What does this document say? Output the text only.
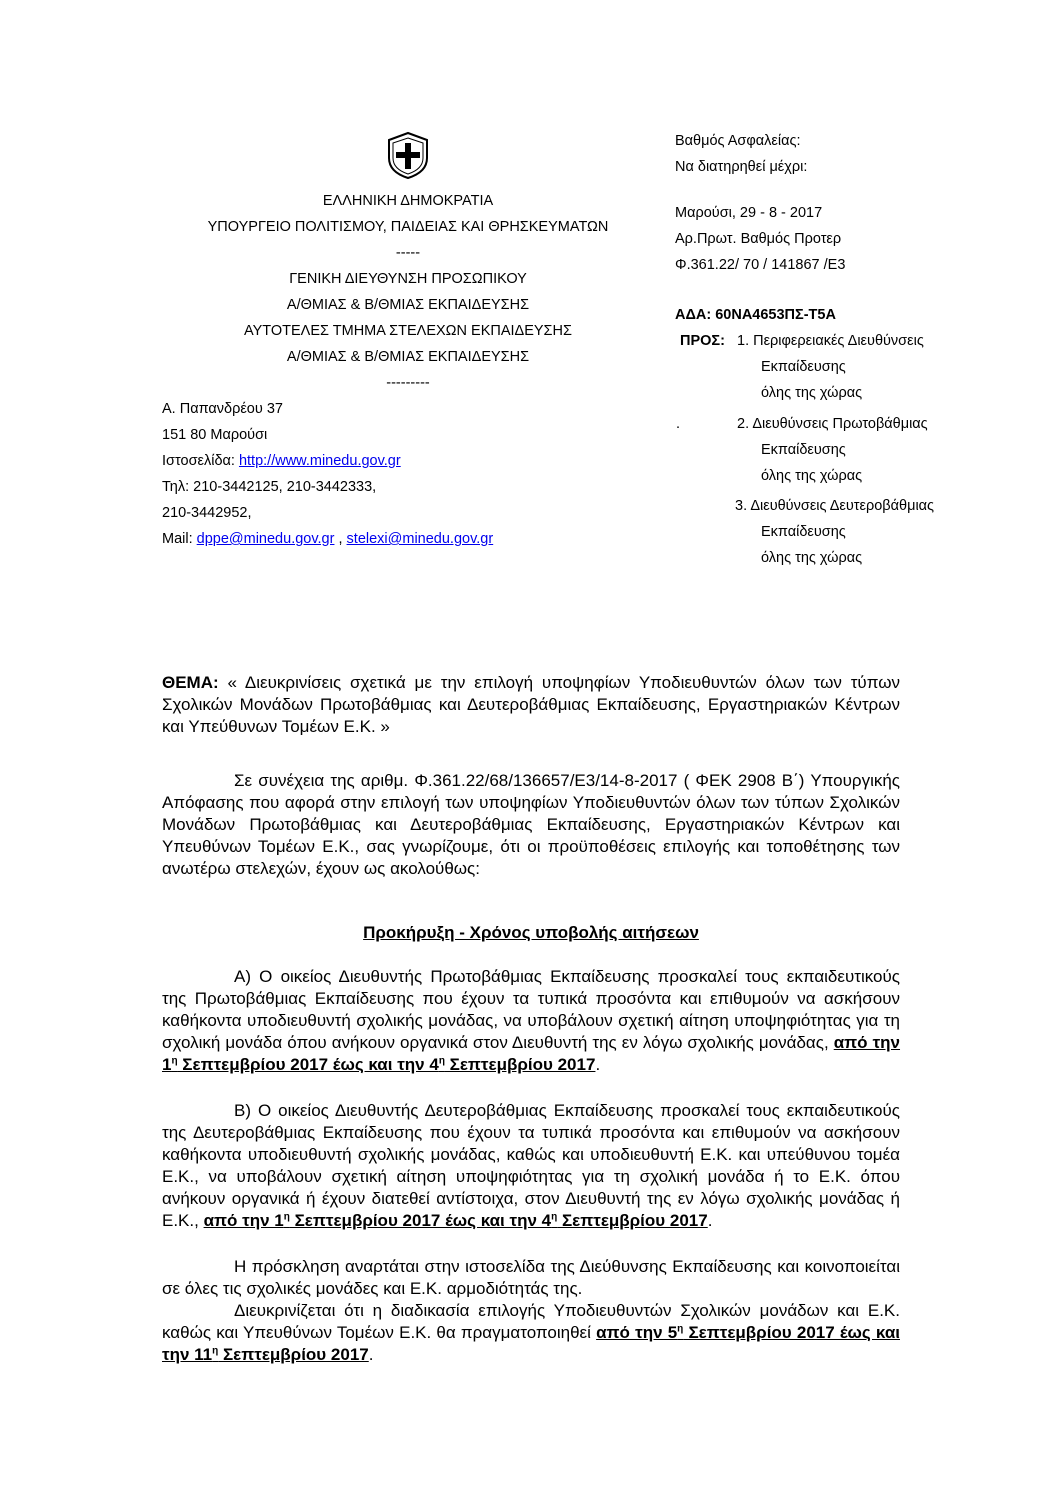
ΕΛΛΗΝΙΚΗ ΔΗΜΟΚΡΑΤΙΑ
ΥΠΟΥΡΓΕΙΟ ΠΟΛΙΤΙΣΜΟΥ, ΠΑΙΔΕΙΑΣ ΚΑΙ ΘΡΗΣΚΕΥΜΑΤΩΝ
-----
ΓΕΝΙΚΗ ΔΙΕΥΘΥΝΣΗ ΠΡΟΣΩΠΙΚΟΥ
Α/ΘΜΙΑΣ & Β/ΘΜΙΑΣ ΕΚΠΑΙΔΕΥΣΗΣ
ΑΥΤΟΤΕΛΕΣ ΤΜΗΜΑ ΣΤΕΛΕΧΩΝ ΕΚΠΑΙΔΕΥΣΗΣ
Α/ΘΜΙΑΣ & Β/ΘΜΙΑΣ ΕΚΠΑΙΔΕΥΣΗΣ
---------
Α. Παπανδρέου 37
151 80 Μαρούσι
Ιστοσελίδα: http://www.minedu.gov.gr
Τηλ: 210-3442125, 210-3442333,
210-3442952,
Mail: dppe@minedu.gov.gr , stelexi@minedu.gov.gr
Βαθμός Ασφαλείας:
Να διατηρηθεί μέχρι:
Μαρούσι, 29 - 8 - 2017
Αρ.Πρωτ. Βαθμός Προτερ
Φ.361.22/ 70 / 141867 /Ε3
ΑΔΑ: 60ΝΑ4653ΠΣ-Τ5Α
ΠΡΟΣ:
.
1. Περιφερειακές Διευθύνσεις
Εκπαίδευσης
όλης της χώρας
2. Διευθύνσεις Πρωτοβάθμιας
Εκπαίδευσης
όλης της χώρας
3. Διευθύνσεις Δευτεροβάθμιας
Εκπαίδευσης
όλης της χώρας
ΘΕΜΑ: « Διευκρινίσεις σχετικά με την επιλογή υποψηφίων Υποδιευθυντών όλων των τύπων Σχολικών Μονάδων Πρωτοβάθμιας και Δευτεροβάθμιας Εκπαίδευσης, Εργαστηριακών Κέντρων και Υπεύθυνων Τομέων Ε.Κ. »
Σε συνέχεια της αριθμ. Φ.361.22/68/136657/Ε3/14-8-2017 ( ΦΕΚ 2908 Β΄) Υπουργικής Απόφασης που αφορά στην επιλογή των υποψηφίων Υποδιευθυντών όλων των τύπων Σχολικών Μονάδων Πρωτοβάθμιας και Δευτεροβάθμιας Εκπαίδευσης, Εργαστηριακών Κέντρων και Υπευθύνων Τομέων Ε.Κ., σας γνωρίζουμε, ότι οι προϋποθέσεις επιλογής και τοποθέτησης των ανωτέρω στελεχών, έχουν ως ακολούθως:
Προκήρυξη - Χρόνος υποβολής αιτήσεων
Α) Ο οικείος Διευθυντής Πρωτοβάθμιας Εκπαίδευσης προσκαλεί τους εκπαιδευτικούς της Πρωτοβάθμιας Εκπαίδευσης που έχουν τα τυπικά προσόντα και επιθυμούν να ασκήσουν καθήκοντα υποδιευθυντή σχολικής μονάδας, να υποβάλουν σχετική αίτηση υποψηφιότητας για τη σχολική μονάδα όπου ανήκουν οργανικά στον Διευθυντή της εν λόγω σχολικής μονάδας, από την $1^\eta$ Σεπτεμβρίου 2017 έως και την $4^\eta$ Σεπτεμβρίου 2017.
Β) Ο οικείος Διευθυντής Δευτεροβάθμιας Εκπαίδευσης προσκαλεί τους εκπαιδευτικούς της Δευτεροβάθμιας Εκπαίδευσης που έχουν τα τυπικά προσόντα και επιθυμούν να ασκήσουν καθήκοντα υποδιευθυντή σχολικής μονάδας, καθώς και υποδιευθυντή Ε.Κ. και υπεύθυνου τομέα Ε.Κ., να υποβάλουν σχετική αίτηση υποψηφιότητας για τη σχολική μονάδα ή το Ε.Κ. όπου ανήκουν οργανικά ή έχουν διατεθεί αντίστοιχα, στον Διευθυντή της εν λόγω σχολικής μονάδας ή Ε.Κ., από την $1^\eta$ Σεπτεμβρίου 2017 έως και την $4^\eta$ Σεπτεμβρίου 2017.
Η πρόσκληση αναρτάται στην ιστοσελίδα της Διεύθυνσης Εκπαίδευσης και κοινοποιείται σε όλες τις σχολικές μονάδες και Ε.Κ. αρμοδιότητάς της.
Διευκρινίζεται ότι η διαδικασία επιλογής Υποδιευθυντών Σχολικών μονάδων και Ε.Κ. καθώς και Υπευθύνων Τομέων Ε.Κ. θα πραγματοποιηθεί από την $5^\eta$ Σεπτεμβρίου 2017 έως και την $11^\eta$ Σεπτεμβρίου 2017.
